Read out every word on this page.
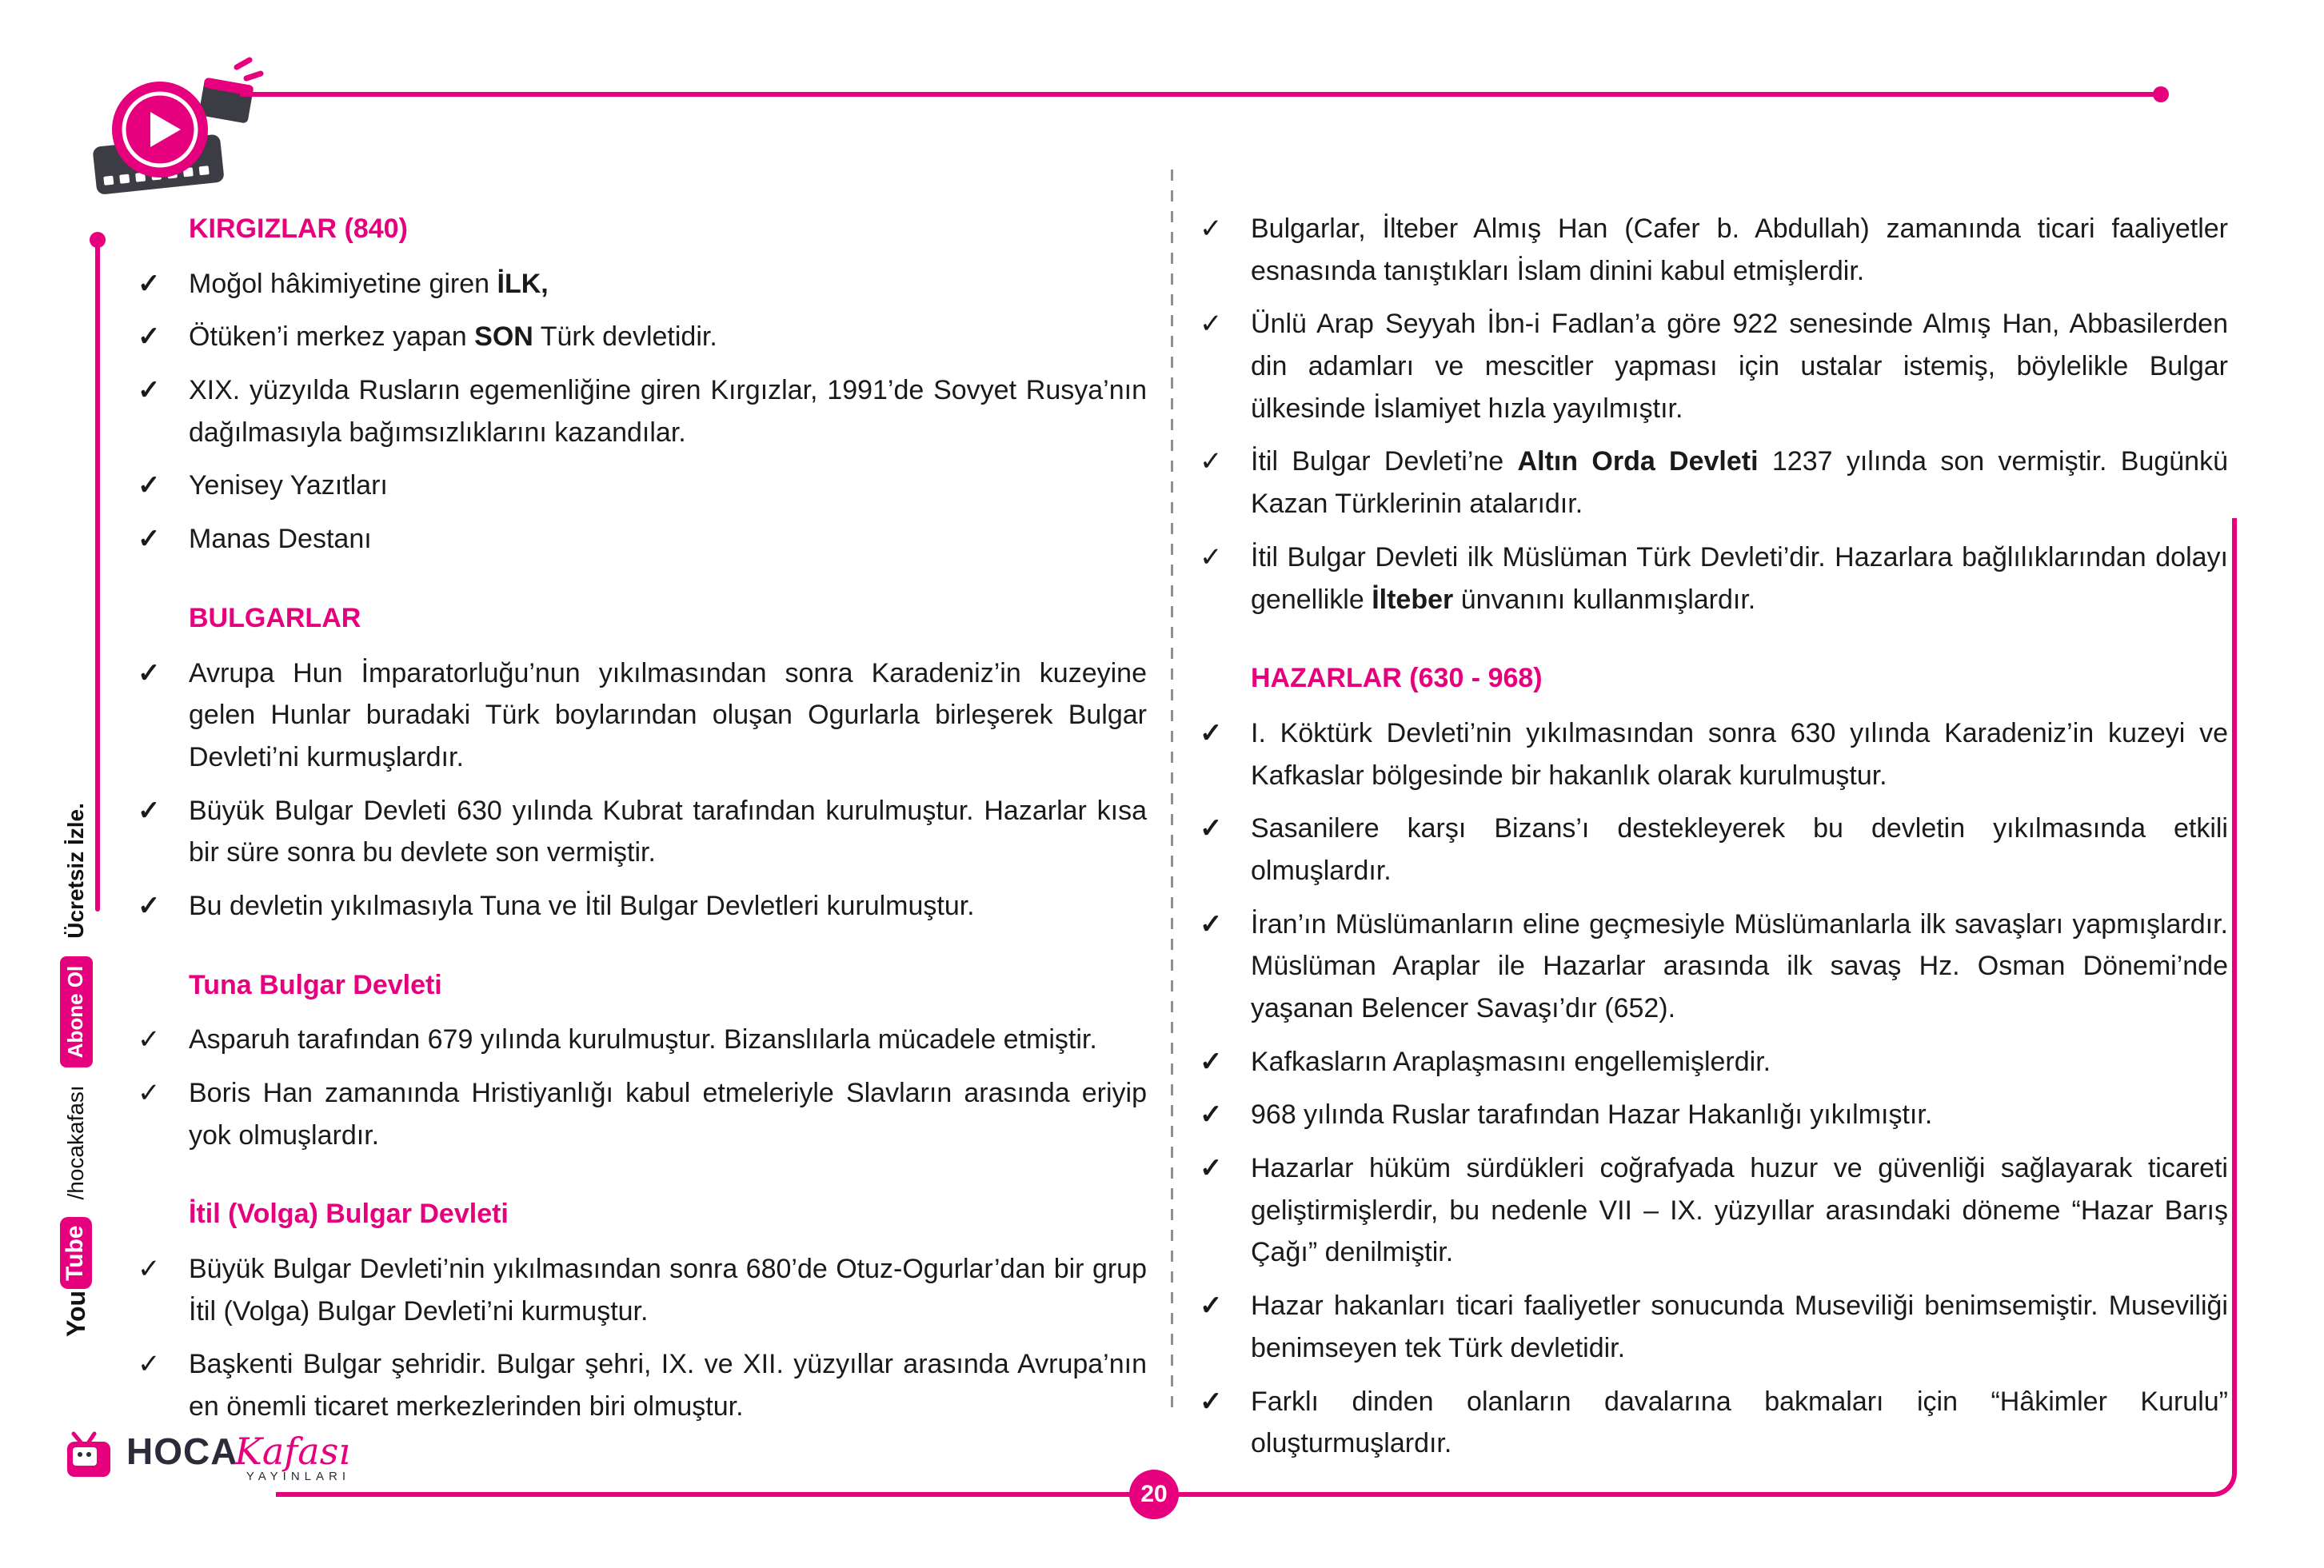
KIRGIZLAR (840)
✓	Moğol hâkimiyetine giren İLK,
✓	Ötüken’i merkez yapan SON Türk devletidir.
✓	XIX. yüzyılda Rusların egemenliğine giren Kırgızlar, 1991’de Sovyet Rusya’nın dağılmasıyla bağımsızlıklarını kazandılar.
✓	Yenisey Yazıtları
✓	Manas Destanı
BULGARLAR
✓	Avrupa Hun İmparatorluğu’nun yıkılmasından sonra Karadeniz’in kuzeyine gelen Hunlar buradaki Türk boylarından oluşan Ogurlarla birleşerek Bulgar Devleti’ni kurmuşlardır.
✓	Büyük Bulgar Devleti 630 yılında Kubrat tarafından kurulmuştur. Hazarlar kısa bir süre sonra bu devlete son vermiştir.
✓	Bu devletin yıkılmasıyla Tuna ve İtil Bulgar Devletleri kurulmuştur.
Tuna Bulgar Devleti
✓	Asparuh tarafından 679 yılında kurulmuştur. Bizanslılarla mücadele etmiştir.
✓	Boris Han zamanında Hristiyanlığı kabul etmeleriyle Slavların arasında eriyip yok olmuşlardır.
İtil (Volga) Bulgar Devleti
✓	Büyük Bulgar Devleti’nin yıkılmasından sonra 680’de Otuz-Ogurlar’dan bir grup İtil (Volga) Bulgar Devleti’ni kurmuştur.
✓	Başkenti Bulgar şehridir. Bulgar şehri, IX. ve XII. yüzyıllar arasında Avrupa’nın en önemli ticaret merkezlerinden biri olmuştur.
✓	Bulgarlar, İlteber Almış Han (Cafer b. Abdullah) zamanında ticari faaliyetler esnasında tanıştıkları İslam dinini kabul etmişlerdir.
✓	Ünlü Arap Seyyah İbn-i Fadlan’a göre 922 senesinde Almış Han, Abbasilerden din adamları ve mescitler yapması için ustalar istemiş, böylelikle Bulgar ülkesinde İslamiyet hızla yayılmıştır.
✓	İtil Bulgar Devleti’ne Altın Orda Devleti 1237 yılında son vermiştir. Bugünkü Kazan Türklerinin atalarıdır.
✓	İtil Bulgar Devleti ilk Müslüman Türk Devleti’dir. Hazarlara bağlılıklarından dolayı genellikle İlteber ünvanını kullanmışlardır.
HAZARLAR (630 - 968)
✓	I. Köktürk Devleti’nin yıkılmasından sonra 630 yılında Karadeniz’in kuzeyi ve Kafkaslar bölgesinde bir hakanlık olarak kurulmuştur.
✓	Sasanilere karşı Bizans’ı destekleyerek bu devletin yıkılmasında etkili olmuşlardır.
✓	İran’ın Müslümanların eline geçmesiyle Müslümanlarla ilk savaşları yapmışlardır. Müslüman Araplar ile Hazarlar arasında ilk savaş Hz. Osman Dönemi’nde yaşanan Belencer Savaşı’dır (652).
✓	Kafkasların Araplaşmasını engellemişlerdir.
✓	968 yılında Ruslar tarafından Hazar Hakanlığı yıkılmıştır.
✓	Hazarlar hüküm sürdükleri coğrafyada huzur ve güvenliği sağlayarak ticareti geliştirmişlerdir, bu nedenle VII – IX. yüzyıllar arasındaki döneme “Hazar Barış Çağı” denilmiştir.
✓	Hazar hakanları ticari faaliyetler sonucunda Museviliği benimsemiştir. Museviliği benimseyen tek Türk devletidir.
✓	Farklı dinden olanların davalarına bakmaları için “Hâkimler Kurulu” oluşturmuşlardır.
You
Tube
/hocakafası
Abone Ol
Ücretsiz İzle.
HOCA
Kafası
YAYINLARI
20
